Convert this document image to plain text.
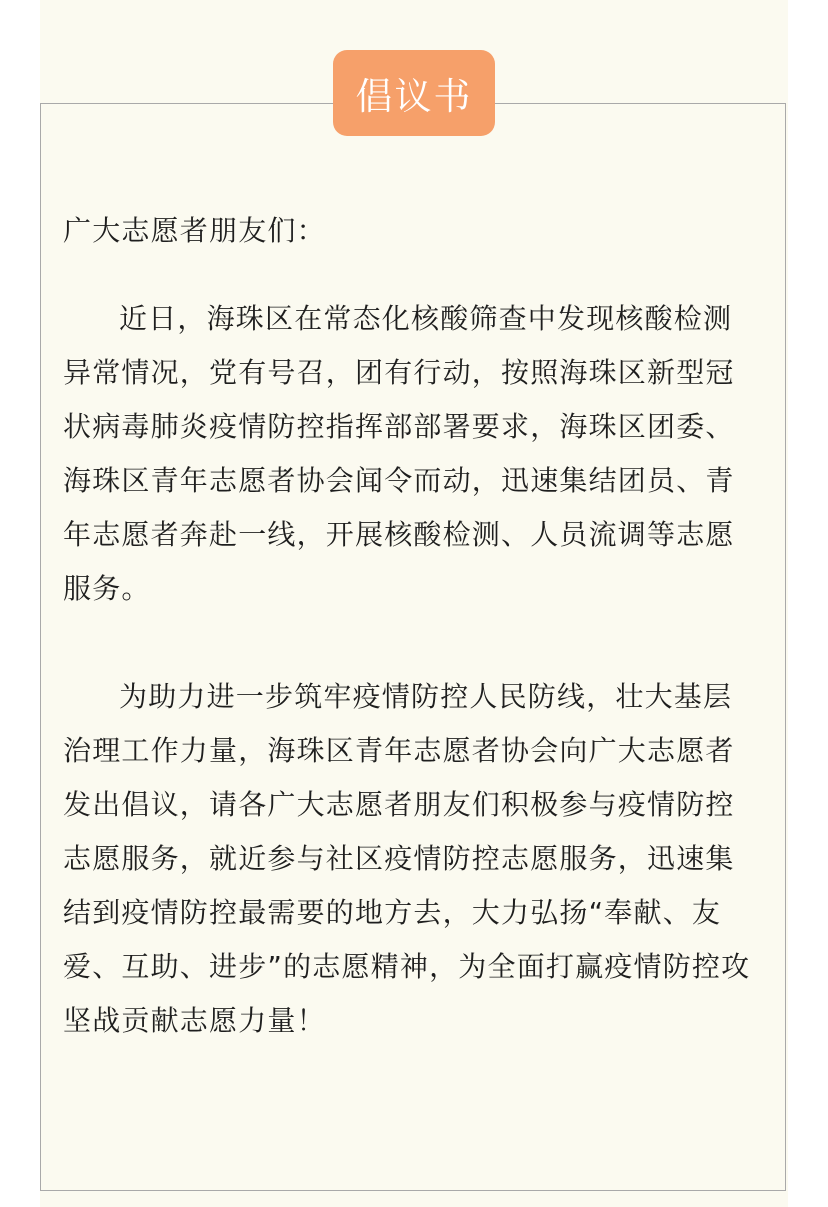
倡议书

广大志愿者朋友们：

近日，海珠区在常态化核酸筛查中发现核酸检测异常情况，党有号召，团有行动，按照海珠区新型冠状病毒肺炎疫情防控指挥部部署要求，海珠区团委、海珠区青年志愿者协会闻令而动，迅速集结团员、青年志愿者奔赴一线，开展核酸检测、人员流调等志愿服务。

为助力进一步筑牢疫情防控人民防线，壮大基层治理工作力量，海珠区青年志愿者协会向广大志愿者发出倡议，请各广大志愿者朋友们积极参与疫情防控志愿服务，就近参与社区疫情防控志愿服务，迅速集结到疫情防控最需要的地方去，大力弘扬“奉献、友爱、互助、进步”的志愿精神，为全面打赢疫情防控攻坚战贡献志愿力量！
